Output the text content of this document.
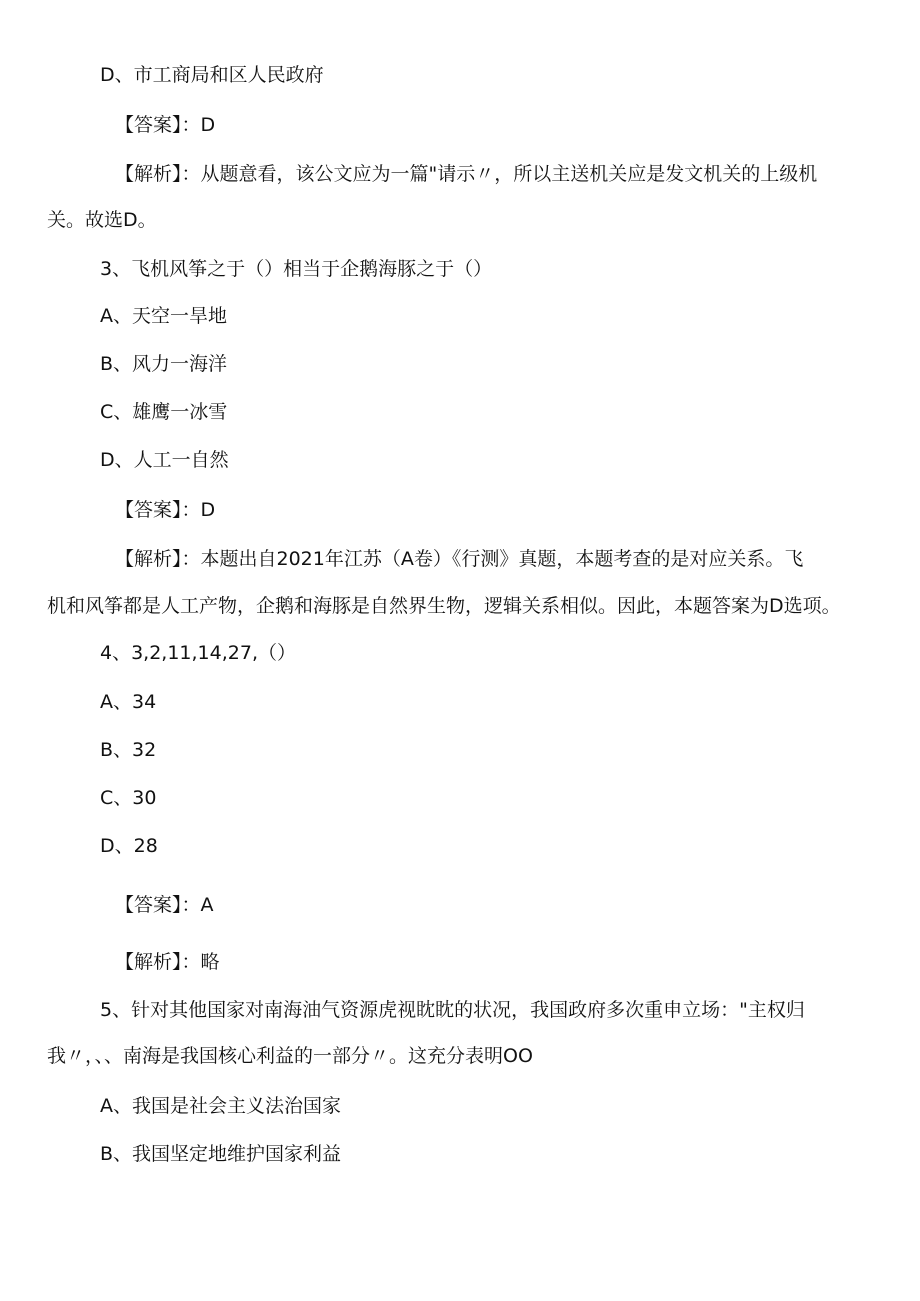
D、市工商局和区人民政府
【答案】：D
【解析】：从题意看，该公文应为一篇"请示〃，所以主送机关应是发文机关的上级机
关。故选D。
3、飞机风筝之于（）相当于企鹅海豚之于（）
A、天空一旱地
B、风力一海洋
C、雄鹰一冰雪
D、人工一自然
【答案】：D
【解析】：本题出自2021年江苏（A卷）《行测》真题，本题考查的是对应关系。飞
机和风筝都是人工产物，企鹅和海豚是自然界生物，逻辑关系相似。因此，本题答案为D选项。
4、3,2,11,14,27,（）
A、34
B、32
C、30
D、28
【答案】：A
【解析】：略
5、针对其他国家对南海油气资源虎视眈眈的状况，我国政府多次重申立场："主权归
我〃，、、南海是我国核心利益的一部分〃。这充分表明OO
A、我国是社会主义法治国家
B、我国坚定地维护国家利益
